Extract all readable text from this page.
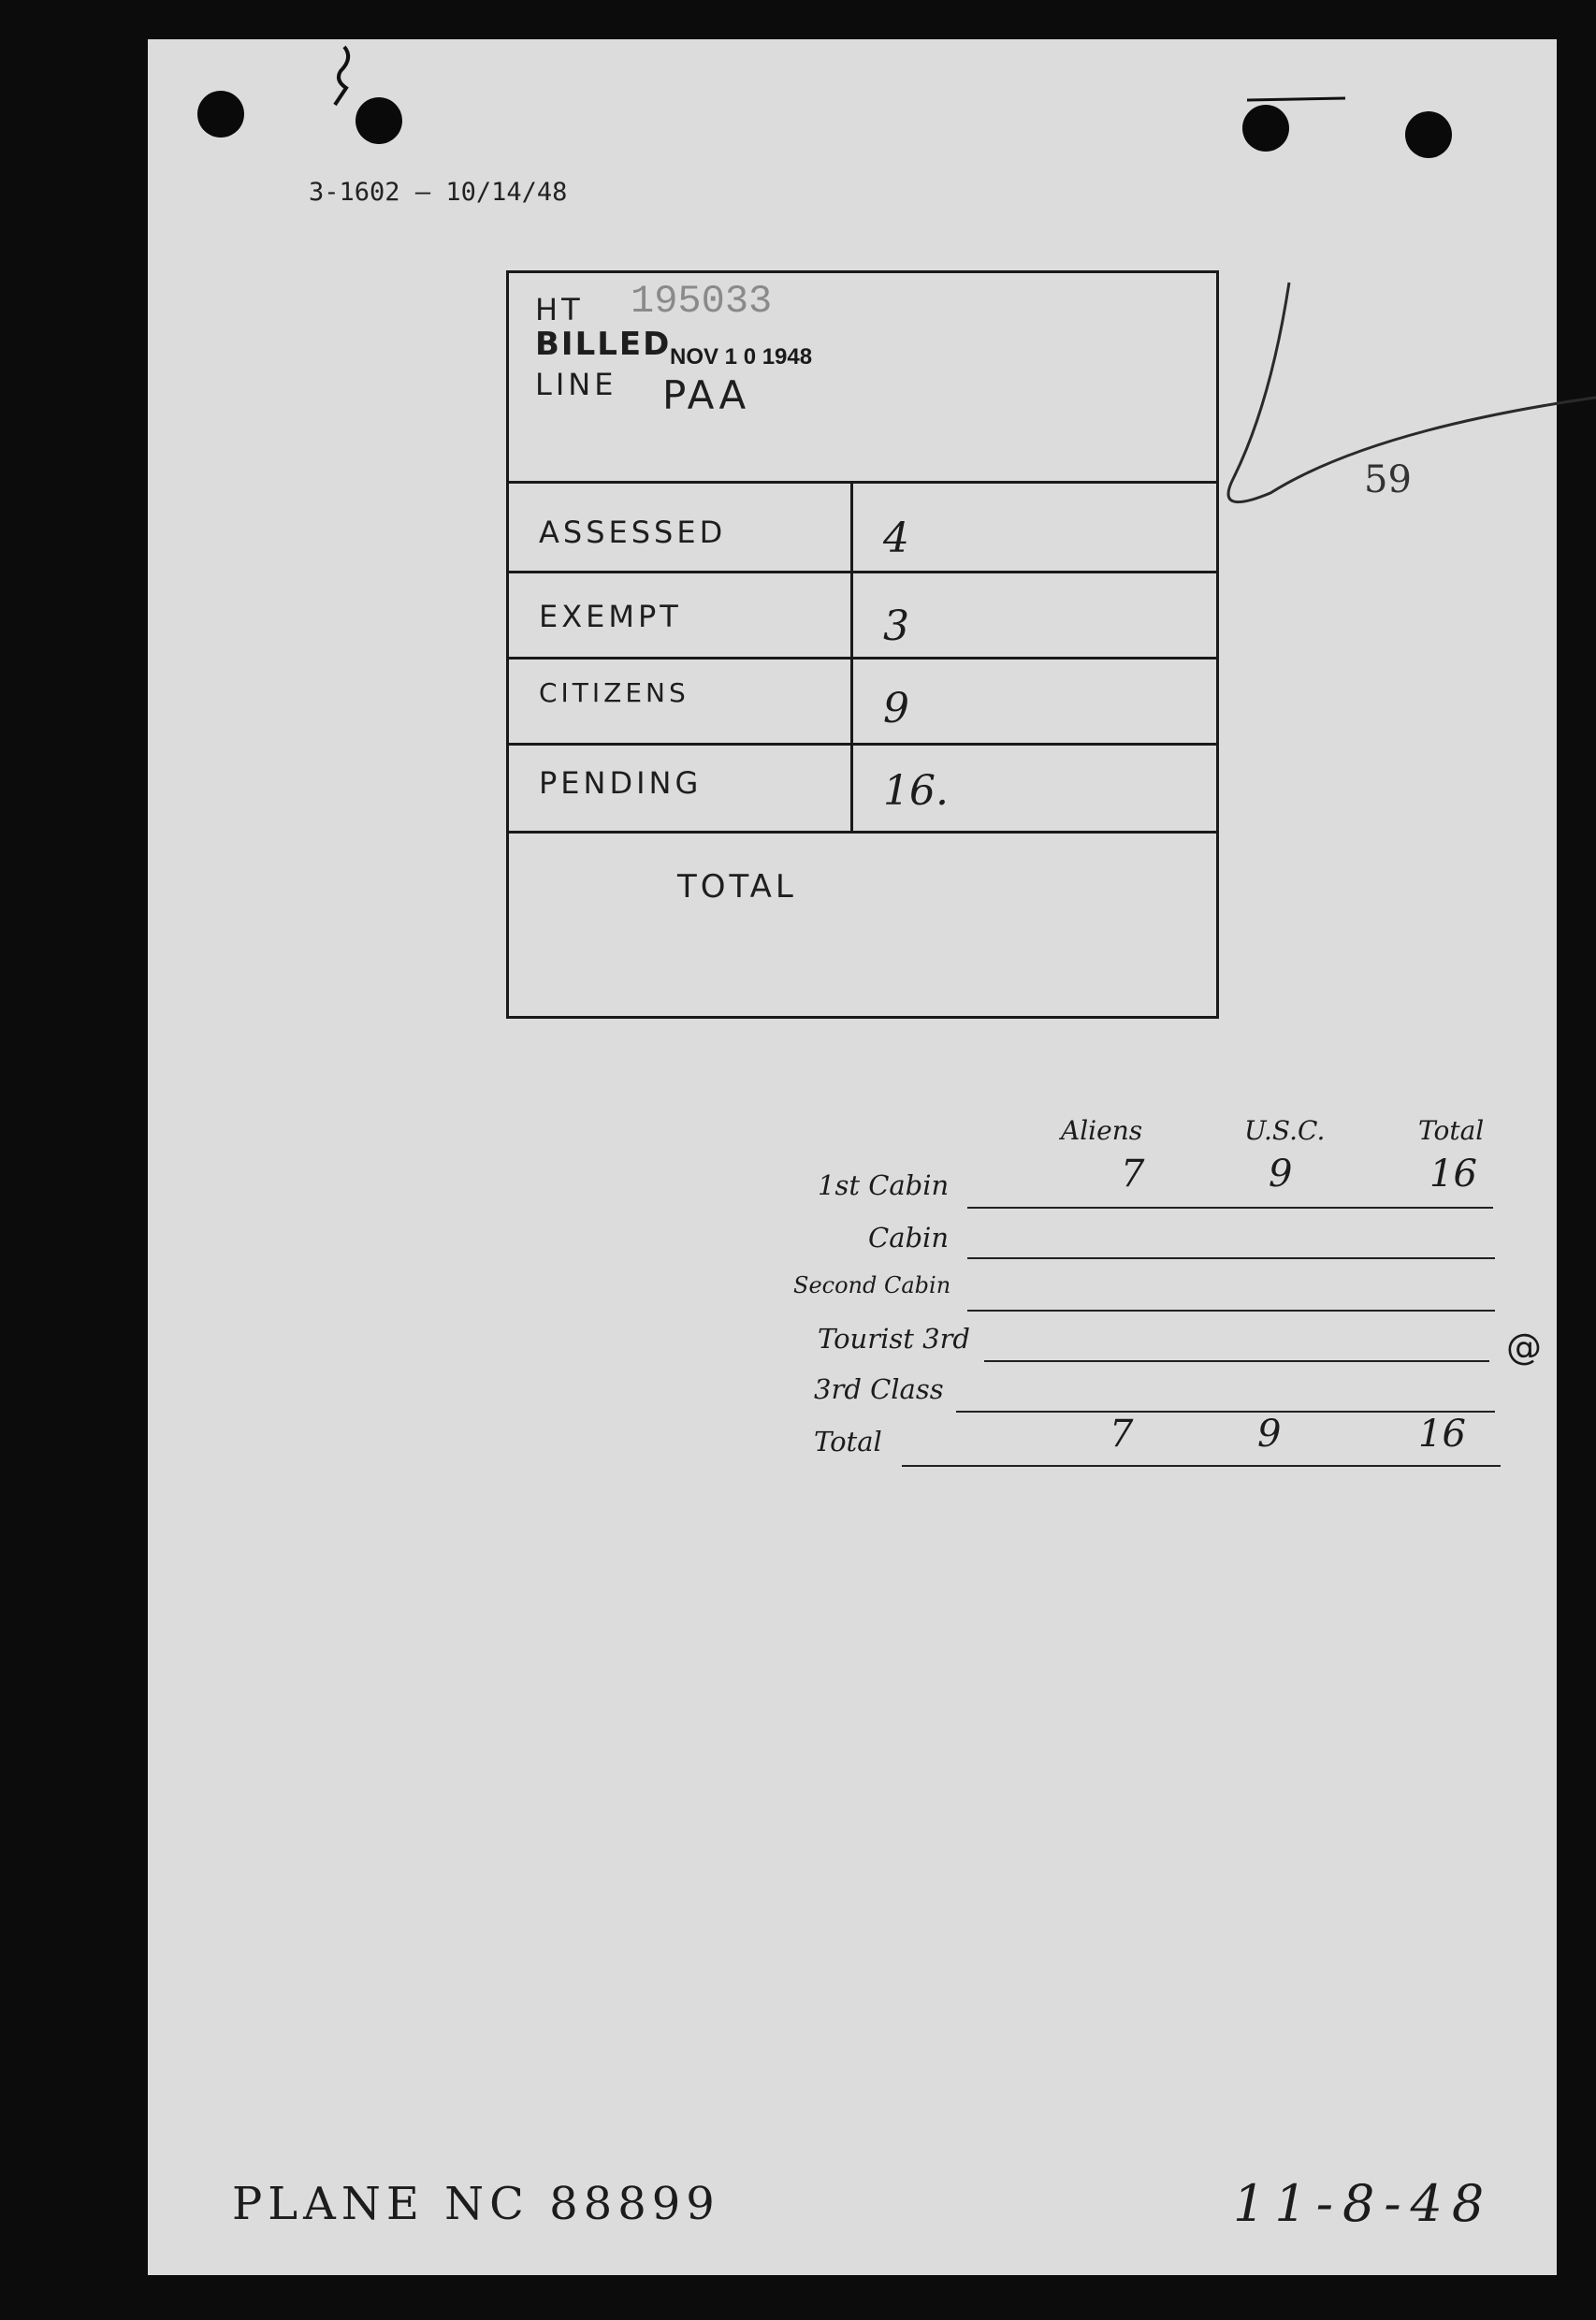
3-1602 — 10/14/48
HT 195033
BILLED
NOV 1 0 1948
LINE PAA
ASSESSED	4
EXEMPT	3
CITIZENS	9
PENDING	16.
TOTAL
59
Aliens	U.S.C.	Total
1st Cabin	7	9	16
Cabin
Second Cabin
Tourist 3rd	@
3rd Class
Total	7	9	16
PLANE NC 88899	11-8-48
